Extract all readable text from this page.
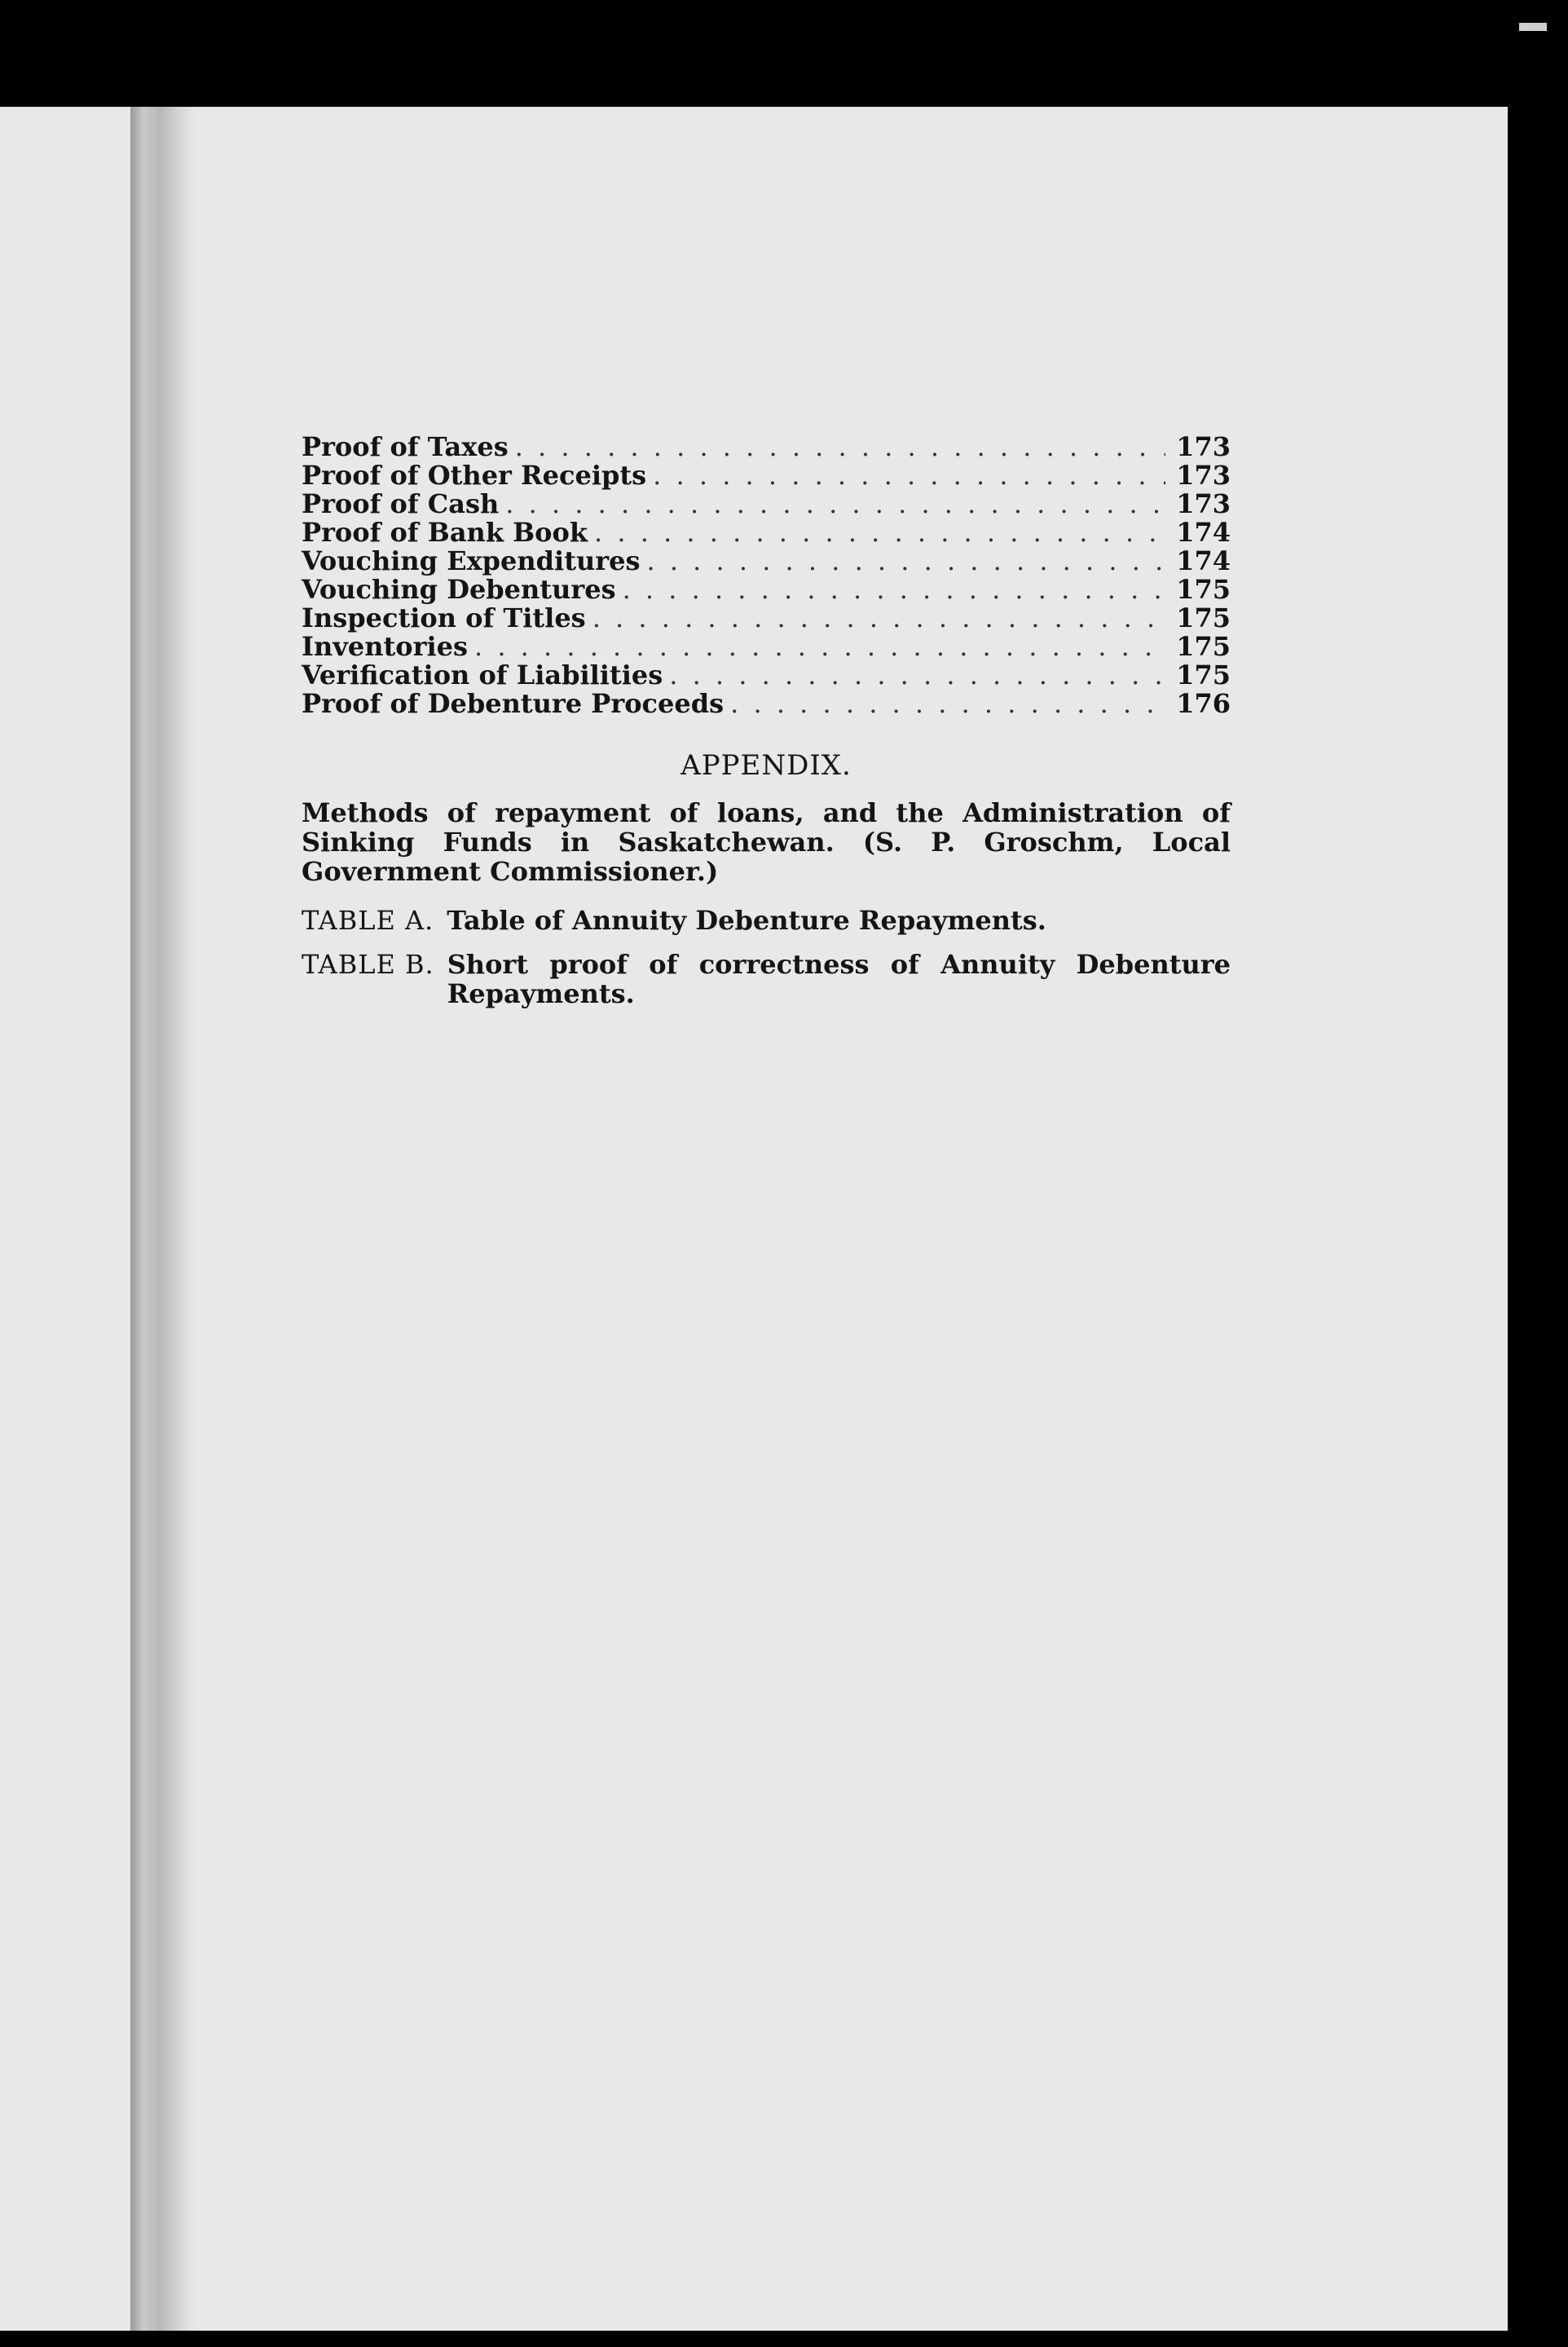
Proof of Taxes . . .	173
Proof of Other Receipts . . .	173
Proof of Cash . . .	173
Proof of Bank Book . . .	174
Vouching Expenditures . . .	174
Vouching Debentures . . .	175
Inspection of Titles . . .	175
Inventories . . .	175
Verification of Liabilities . . .	175
Proof of Debenture Proceeds . . .	176
APPENDIX.
Methods of repayment of loans, and the Administration of Sinking Funds in Saskatchewan. (S. P. Groschm, Local Government Commissioner.)
TABLE A. Table of Annuity Debenture Repayments.
TABLE B. Short proof of correctness of Annuity Debenture Repayments.
